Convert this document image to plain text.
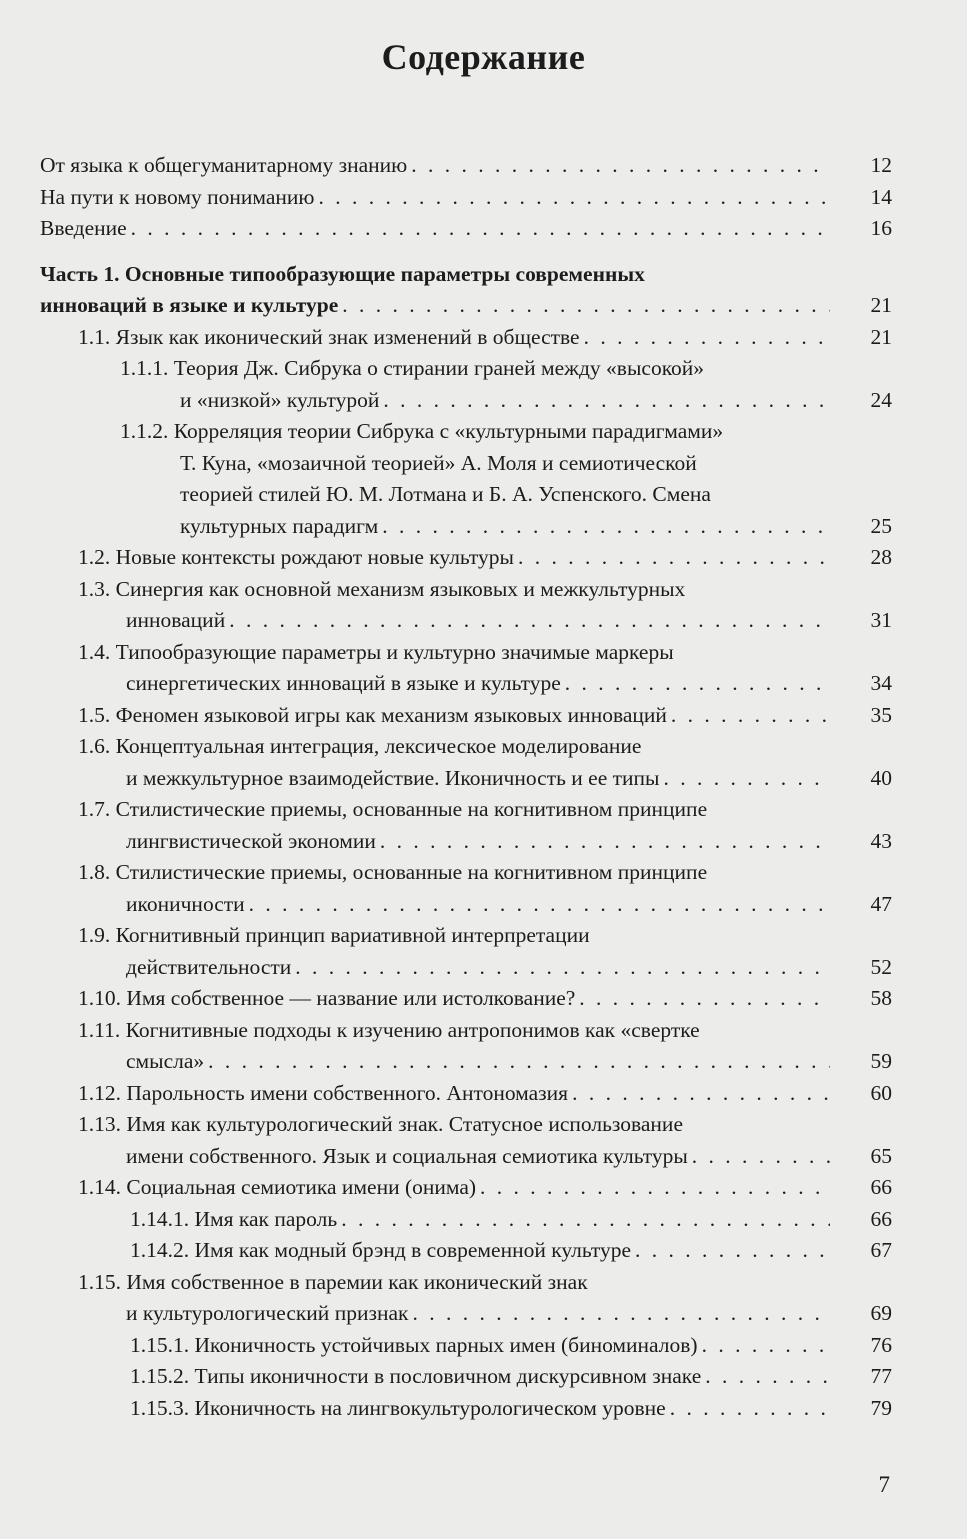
Содержание
От языка к общегуманитарному знанию . . .	12
На пути к новому пониманию . . .	14
Введение . . .	16
Часть 1. Основные типообразующие параметры современных
инноваций в языке и культуре . . .	21
1.1. Язык как иконический знак изменений в обществе . . .	21
1.1.1. Теория Дж. Сибрука о стирании граней между «высокой»
и «низкой» культурой . . .	24
1.1.2. Корреляция теории Сибрука с «культурными парадигмами»
Т. Куна, «мозаичной теорией» А. Моля и семиотической
теорией стилей Ю. М. Лотмана и Б. А. Успенского. Смена
культурных парадигм . . .	25
1.2. Новые контексты рождают новые культуры . . .	28
1.3. Синергия как основной механизм языковых и межкультурных
инноваций . . .	31
1.4. Типообразующие параметры и культурно значимые маркеры
синергетических инноваций в языке и культуре . . .	34
1.5. Феномен языковой игры как механизм языковых инноваций . . .	35
1.6. Концептуальная интеграция, лексическое моделирование
и межкультурное взаимодействие. Иконичность и ее типы . . .	40
1.7. Стилистические приемы, основанные на когнитивном принципе
лингвистической экономии . . .	43
1.8. Стилистические приемы, основанные на когнитивном принципе
иконичности . . .	47
1.9. Когнитивный принцип вариативной интерпретации
действительности . . .	52
1.10. Имя собственное — название или истолкование? . . .	58
1.11. Когнитивные подходы к изучению антропонимов как «свертке
смысла» . . .	59
1.12. Парольность имени собственного. Антономазия . . .	60
1.13. Имя как культурологический знак. Статусное использование
имени собственного. Язык и социальная семиотика культуры . . .	65
1.14. Социальная семиотика имени (онима) . . .	66
1.14.1. Имя как пароль . . .	66
1.14.2. Имя как модный брэнд в современной культуре . . .	67
1.15. Имя собственное в паремии как иконический знак
и культурологический признак . . .	69
1.15.1. Иконичность устойчивых парных имен (биноминалов) . . .	76
1.15.2. Типы иконичности в пословичном дискурсивном знаке . . .	77
1.15.3. Иконичность на лингвокультурологическом уровне . . .	79
7
